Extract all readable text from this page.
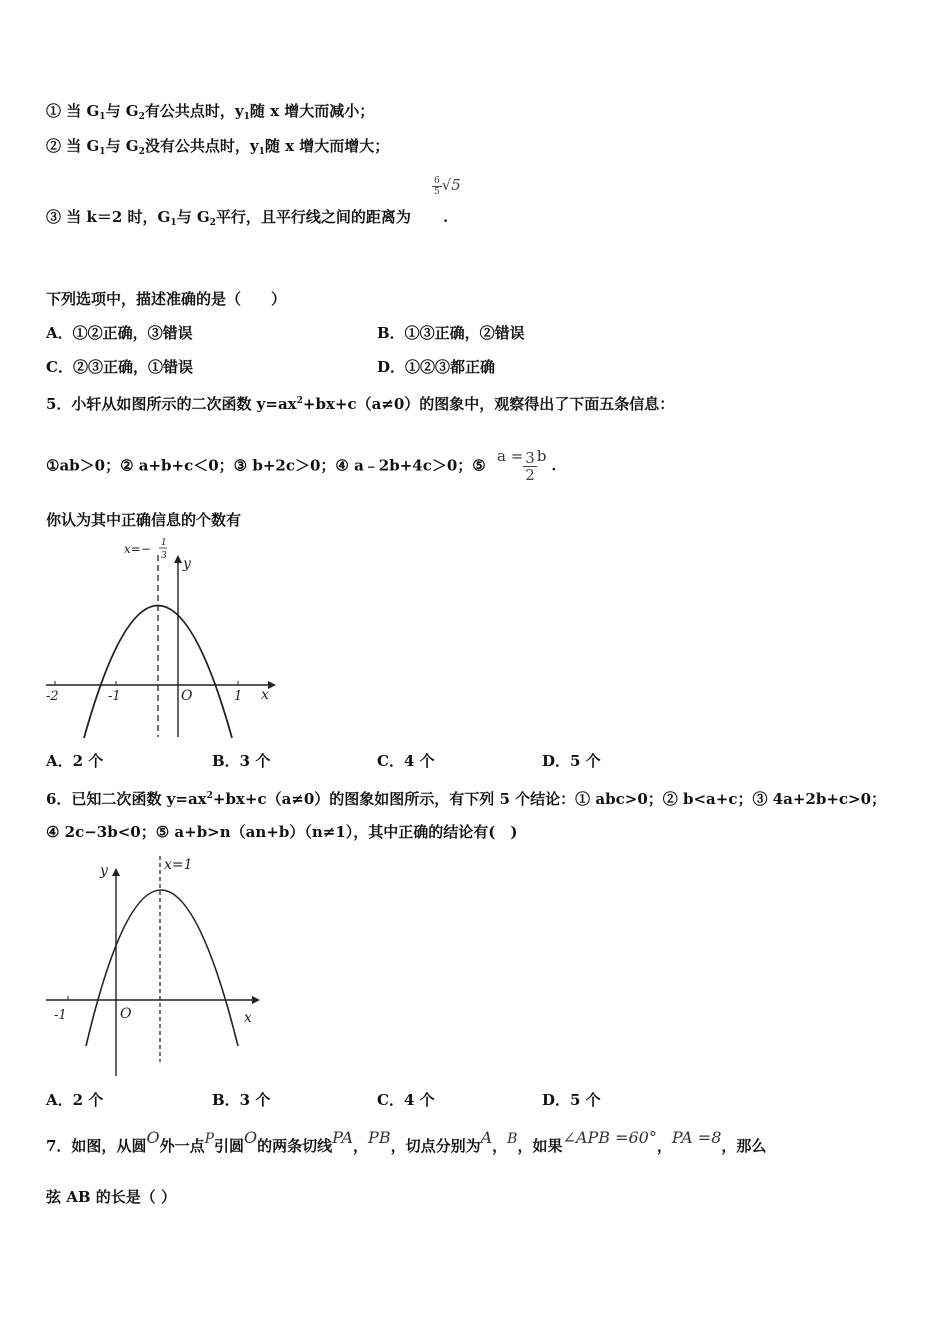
① 当 $G_1$与 $G_2$有公共点时，$y_1$随 x 增大而减小；
② 当 $G_1$与 $G_2$没有公共点时，$y_1$随 x 增大而增大；
$\frac{6}{5} √5$
③ 当 k＝2 时，$G_1$与 $G_2$平行，且平行线之间的距离为 .
下列选项中，描述准确的是（　　）
A．①②正确，③错误	B．①③正确，②错误
C．②③正确，①错误	D．①②③都正确
5．小轩从如图所示的二次函数 $y=ax^2+bx+c(a\ne 0)$的图象中，观察得出了下面五条信息：
①ab＞0；② a+b+c＜0；③ b+2c＞0；④ a﹣2b+4c＞0；⑤ $a = \frac{3}{2}$ b .
你认为其中正确信息的个数有
x=− 1
3 y
x
-2	-1	O	1
A．2 个	B．3 个	C．4 个	D．5 个
6．已知二次函数 $y=ax^2+bx+c(a\ne 0)$的图象如图所示，有下列 5 个结论：① abc>0；② b<a+c；③ 4a+2b+c>0；
④ 2c−3b<0；⑤ a+b>n（an+b）（n≠1），其中正确的结论有(　)
x=1
y
x
-1	O
A．2 个	B．3 个	C．4 个	D．5 个
7．如图，从圆O外一点P引圆O的两条切线PA，PB，切点分别为A，B，如果∠APB =60°，PA =8，那么
弦 AB 的长是（ ）
